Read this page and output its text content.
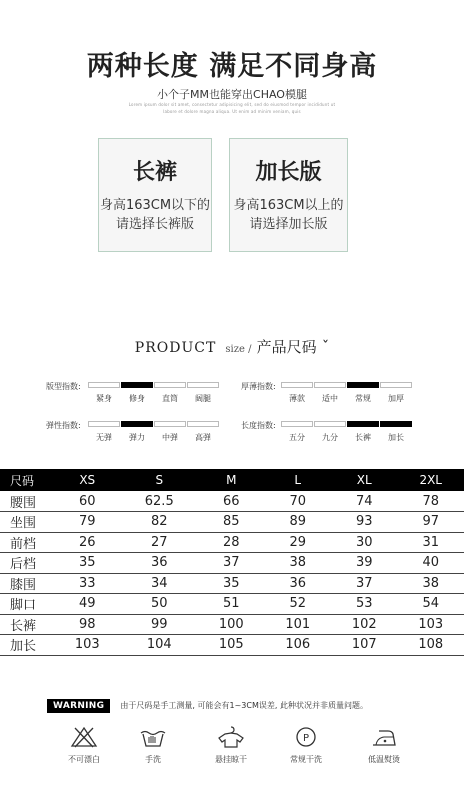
两种长度 满足不同身高
小个子MM也能穿出CHAO模腿
Lorem ipsum dolor sit amet, consectetur adipisicing elit, sed do eiusmod tempor incididunt ut
labore et dolore magna aliqua. Ut enim ad minim veniam, quis
长裤
身高163CM以下的
请选择长裤版
加长版
身高163CM以上的
请选择加长版
PRODUCT size / 产品尺码 ˇ
版型指数:
紧身	修身	直筒	阔腿
厚薄指数:
薄款	适中	常规	加厚
弹性指数:
无弹	弹力	中弹	高弹
长度指数:
五分	九分	长裤	加长
尺码	XS	S	M	L	XL	2XL
腰围	60	62.5	66	70	74	78
坐围	79	82	85	89	93	97
前档	26	27	28	29	30	31
后档	35	36	37	38	39	40
膝围	33	34	35	36	37	38
脚口	49	50	51	52	53	54
长裤	98	99	100	101	102	103
加长	103	104	105	106	107	108
WARNING 由于尺码是手工测量, 可能会有1~3CM误差, 此种状况并非质量问题。
不可漂白	手洗	悬挂晾干
P
常规干洗	低温熨烫
